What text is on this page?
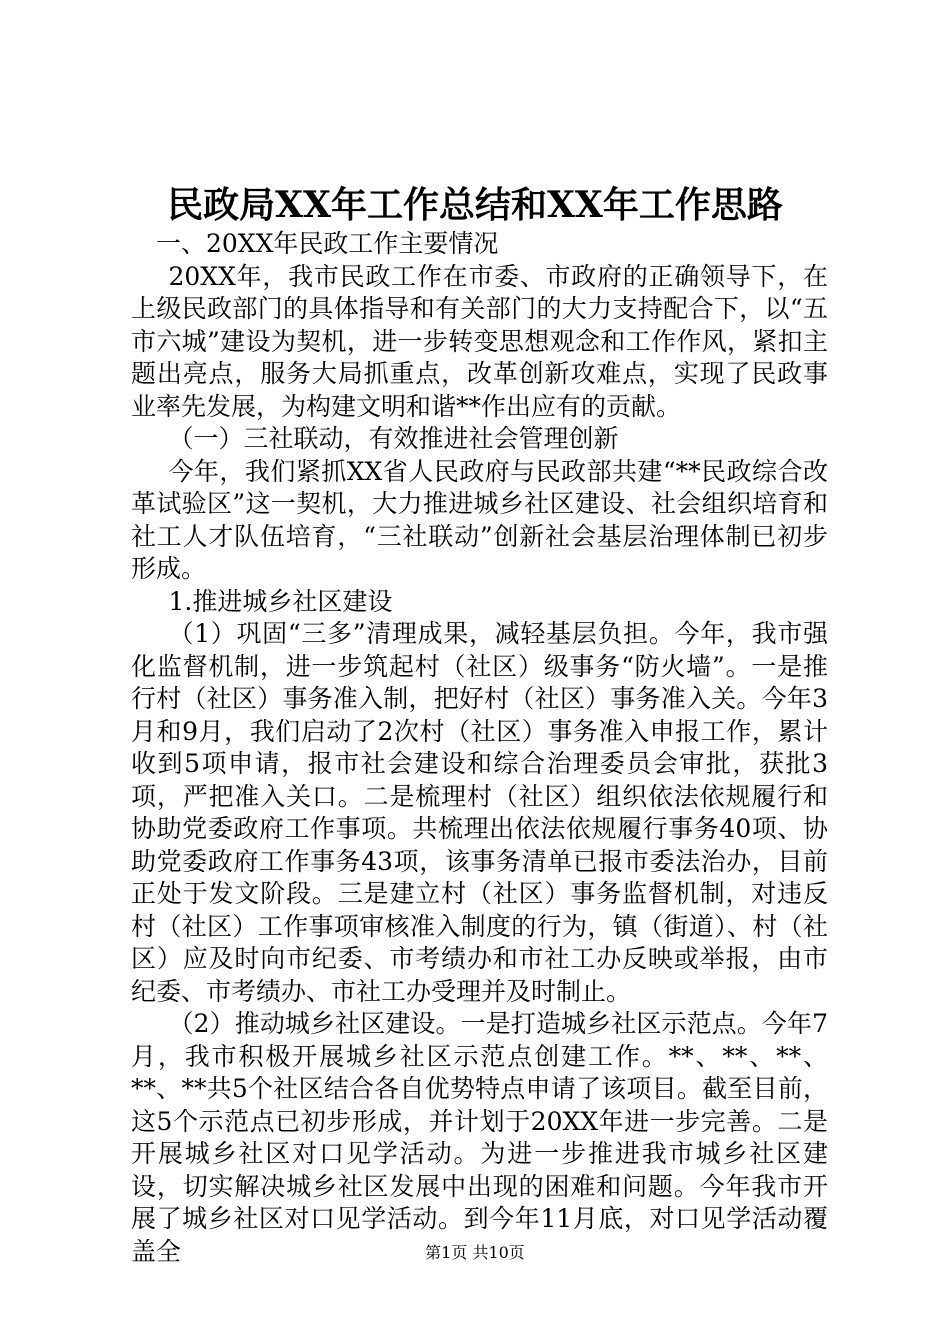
民政局XX年工作总结和XX年工作思路

一、20XX年民政工作主要情况

20XX年，我市民政工作在市委、市政府的正确领导下，在上级民政部门的具体指导和有关部门的大力支持配合下，以“五市六城”建设为契机，进一步转变思想观念和工作作风，紧扣主题出亮点，服务大局抓重点，改革创新攻难点，实现了民政事业率先发展，为构建文明和谐**作出应有的贡献。

（一）三社联动，有效推进社会管理创新

今年，我们紧抓XX省人民政府与民政部共建“**民政综合改革试验区”这一契机，大力推进城乡社区建设、社会组织培育和社工人才队伍培育，“三社联动”创新社会基层治理体制已初步形成。

1.推进城乡社区建设

（1）巩固“三多”清理成果，减轻基层负担。今年，我市强化监督机制，进一步筑起村（社区）级事务“防火墙”。一是推行村（社区）事务准入制，把好村（社区）事务准入关。今年3月和9月，我们启动了2次村（社区）事务准入申报工作，累计收到5项申请，报市社会建设和综合治理委员会审批，获批3项，严把准入关口。二是梳理村（社区）组织依法依规履行和协助党委政府工作事项。共梳理出依法依规履行事务40项、协助党委政府工作事务43项，该事务清单已报市委法治办，目前正处于发文阶段。三是建立村（社区）事务监督机制，对违反村（社区）工作事项审核准入制度的行为，镇（街道）、村（社区）应及时向市纪委、市考绩办和市社工办反映或举报，由市纪委、市考绩办、市社工办受理并及时制止。

（2）推动城乡社区建设。一是打造城乡社区示范点。今年7月，我市积极开展城乡社区示范点创建工作。**、**、**、**、**共5个社区结合各自优势特点申请了该项目。截至目前，这5个示范点已初步形成，并计划于20XX年进一步完善。二是开展城乡社区对口见学活动。为进一步推进我市城乡社区建设，切实解决城乡社区发展中出现的困难和问题。今年我市开展了城乡社区对口见学活动。到今年11月底，对口见学活动覆盖全	第1页 共10页
